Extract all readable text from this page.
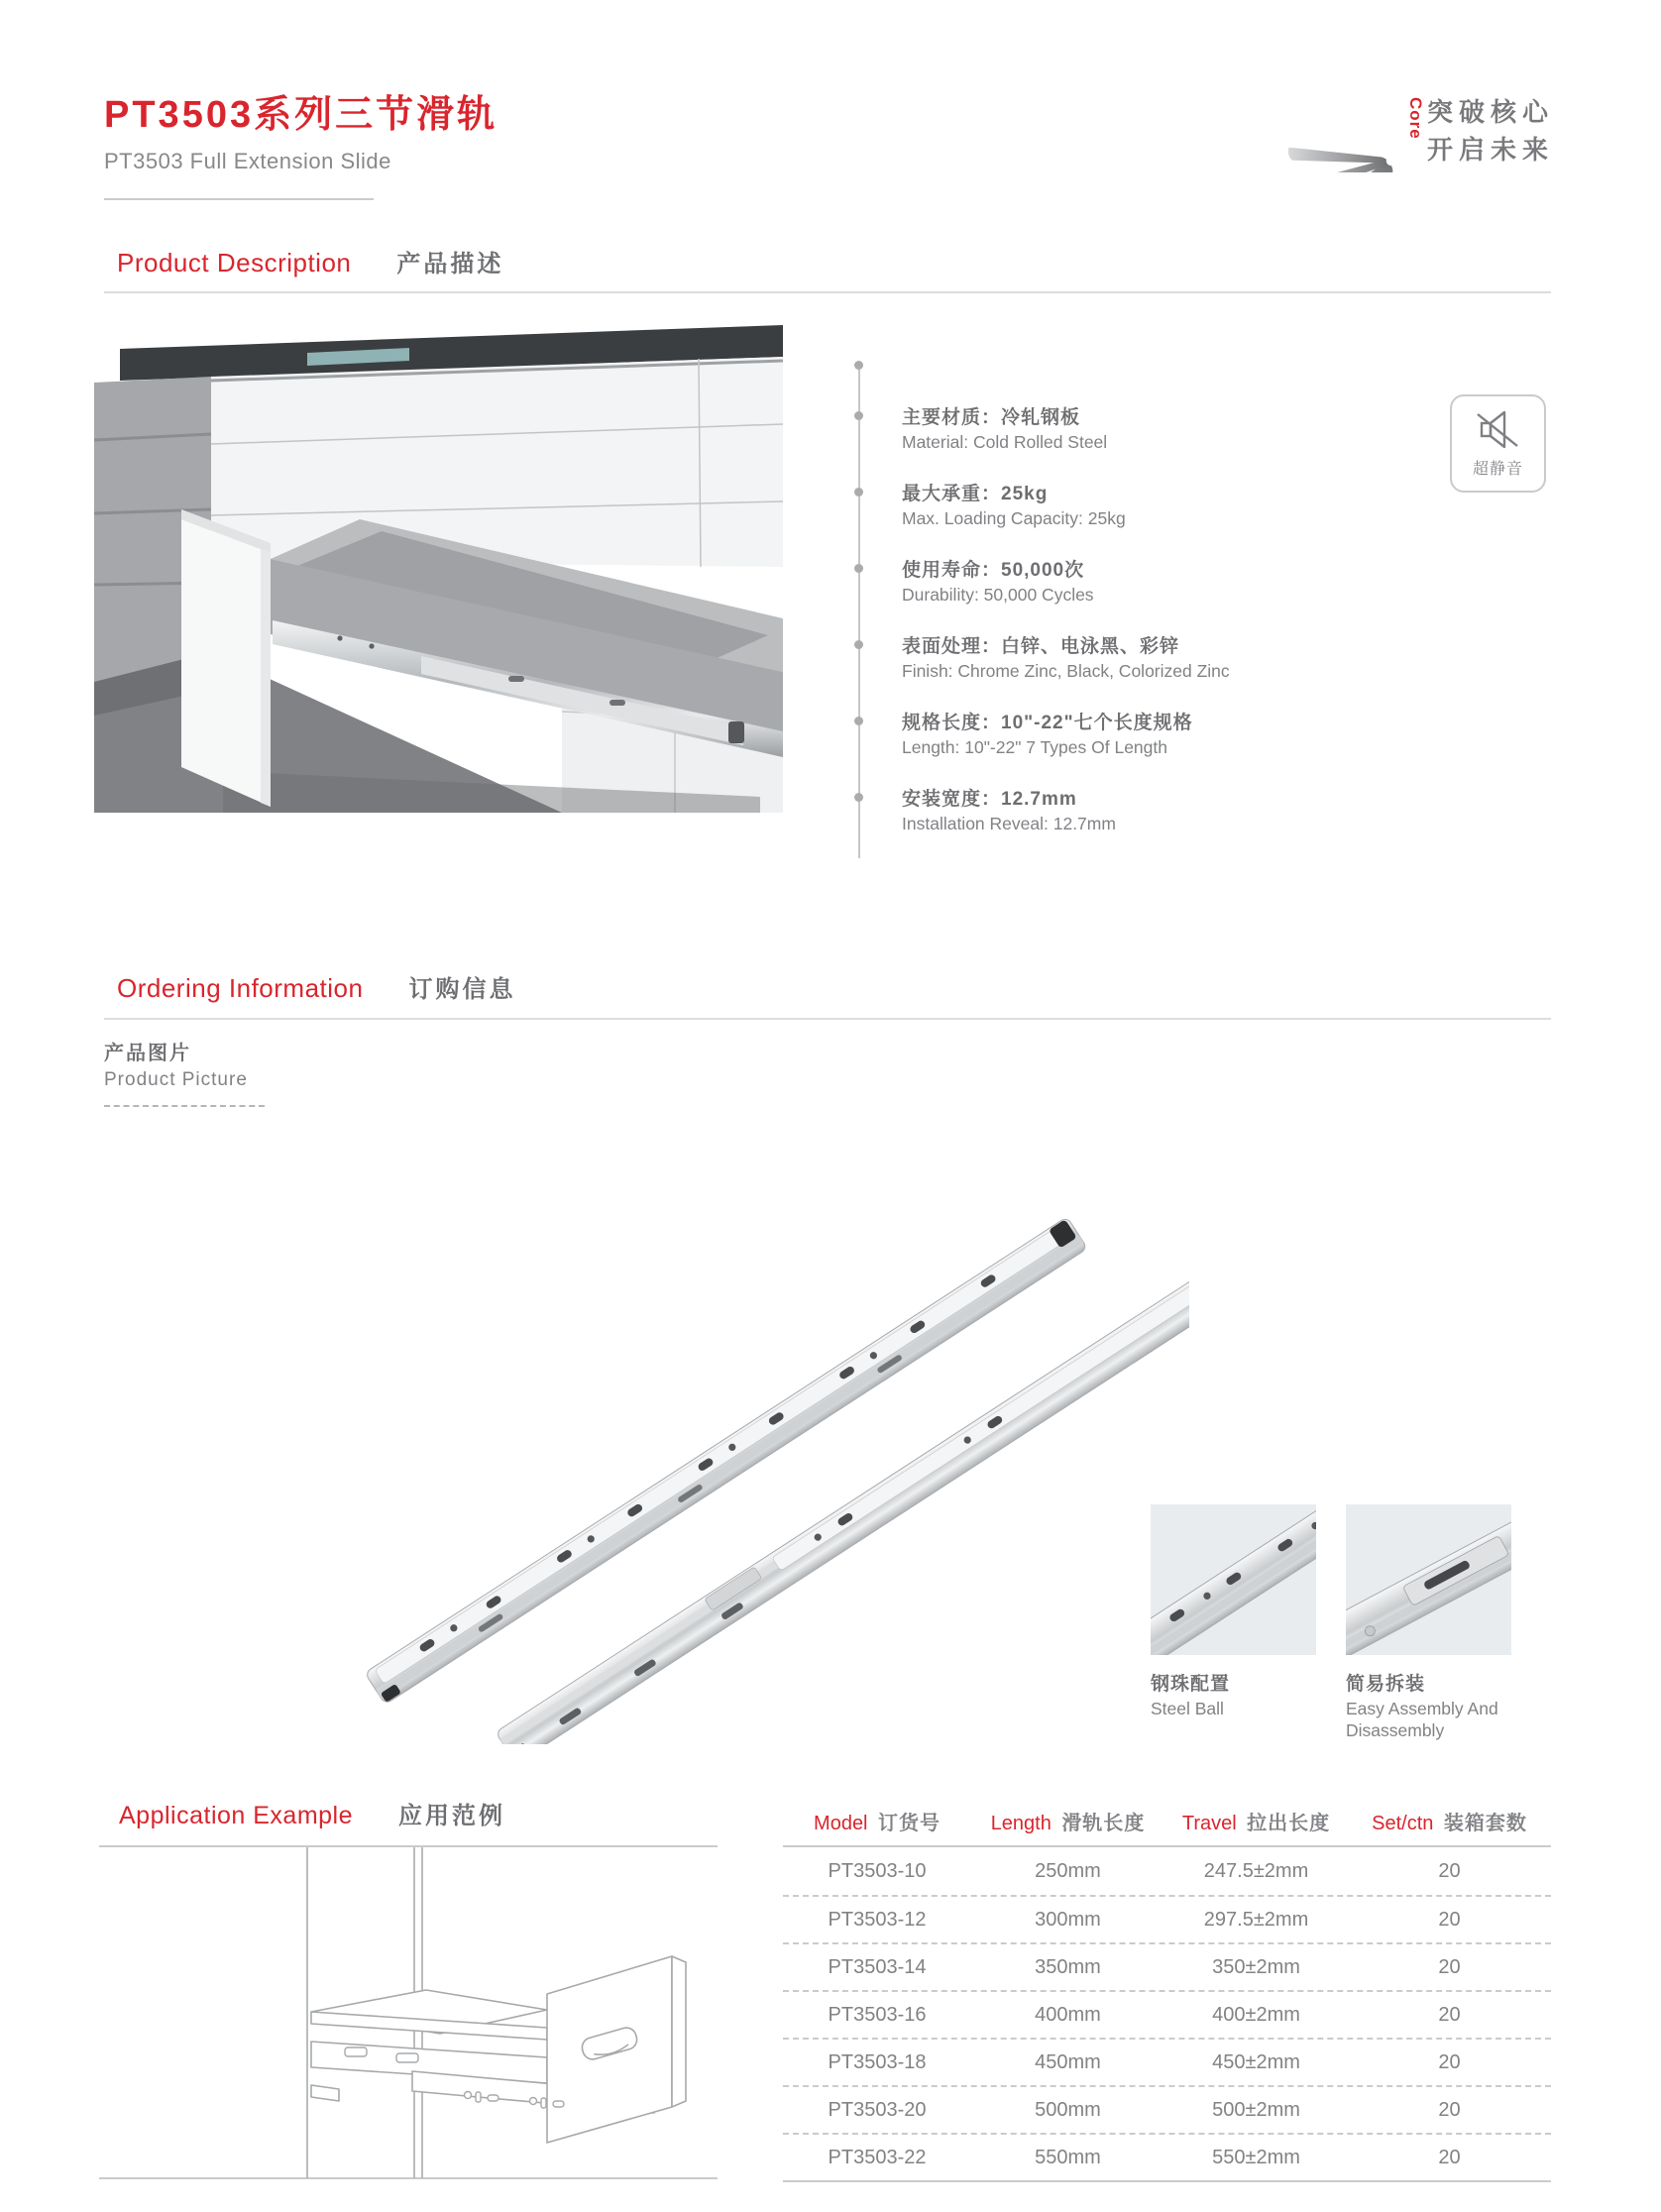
PT3503系列三节滑轨
PT3503 Full Extension Slide
Core 突破核心
开启未来
Product Description 产品描述
主要材质：冷轧钢板
Material: Cold Rolled Steel
最大承重：25kg
Max. Loading Capacity: 25kg
使用寿命：50,000次
Durability: 50,000 Cycles
表面处理：白锌、电泳黑、彩锌
Finish: Chrome Zinc, Black, Colorized Zinc
规格长度：10"-22"七个长度规格
Length: 10"-22" 7 Types Of Length
安装宽度：12.7mm
Installation Reveal: 12.7mm
超静音
Ordering Information 订购信息
产品图片
Product Picture
钢珠配置
Steel Ball
简易拆装
Easy Assembly And Disassembly
Application Example 应用范例	Model 订货号	Length 滑轨长度	Travel 拉出长度	Set/ctn 装箱套数
PT3503-10	250mm	247.5±2mm	20
PT3503-12	300mm	297.5±2mm	20
PT3503-14	350mm	350±2mm	20
PT3503-16	400mm	400±2mm	20
PT3503-18	450mm	450±2mm	20
PT3503-20	500mm	500±2mm	20
PT3503-22	550mm	550±2mm	20
